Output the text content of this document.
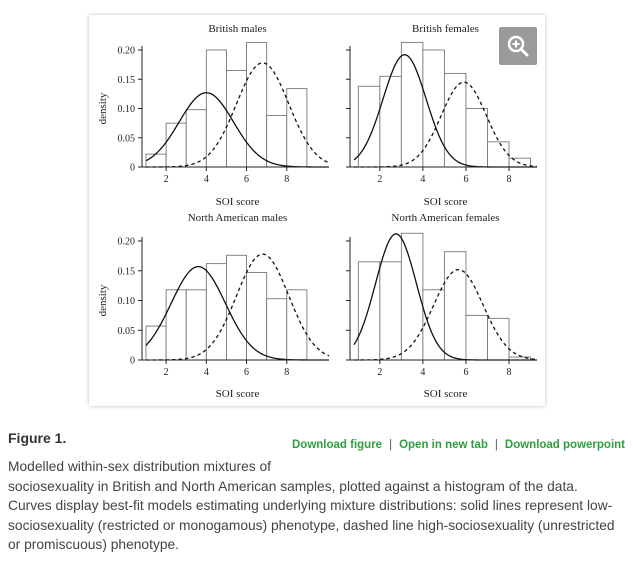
0
0.05
0.10
0.15
0.20
2	4	6	8
British males
SOI score
density
2	4	6	8
British females
SOI score
0
0.05
0.10
0.15
0.20
2	4	6	8
North American males
SOI score
density
2	4	6	8
North American females
SOI score
Figure 1.	Download figure | Open in new tab | Download powerpoint
Modelled within-sex distribution mixtures of
sociosexuality in British and North American samples, plotted against a histogram of the data. Curves display best-fit models estimating underlying mixture distributions: solid lines represent low-sociosexuality (restricted or monogamous) phenotype, dashed line high-sociosexuality (unrestricted or promiscuous) phenotype.
